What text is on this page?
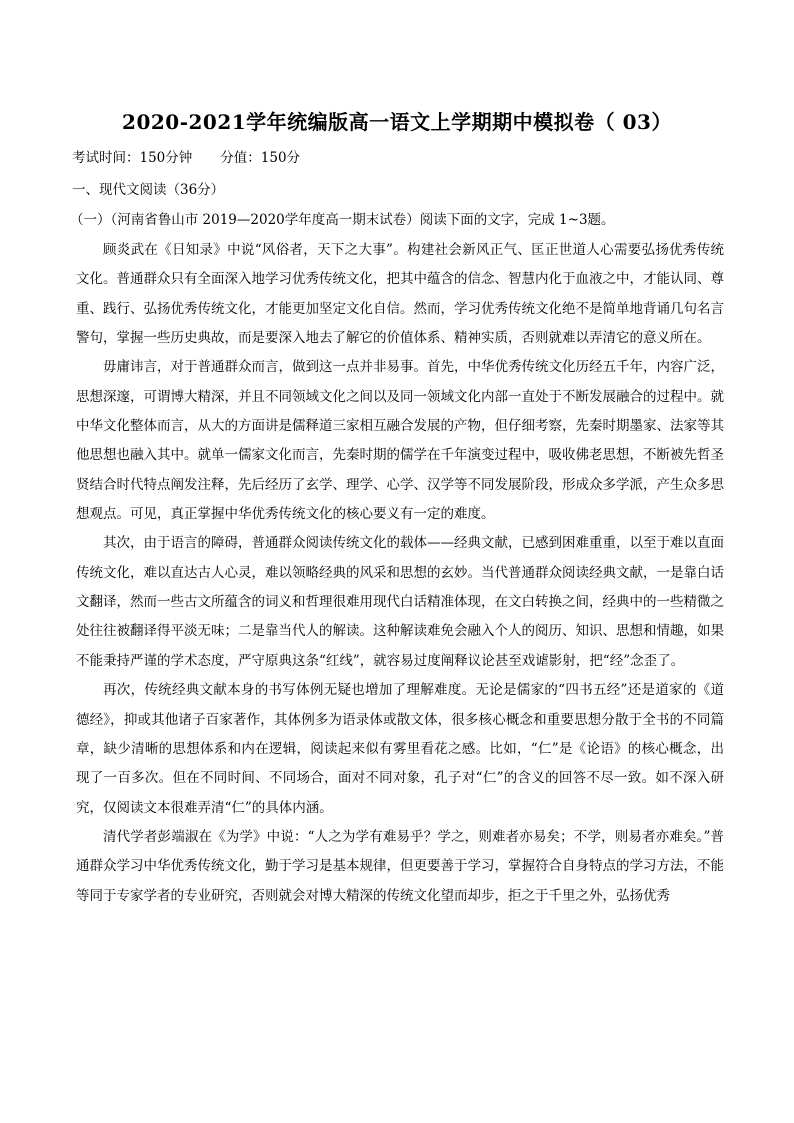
2020-2021学年统编版高一语文上学期期中模拟卷（ 03）
考试时间：150分钟 分值：150分
一、现代文阅读（36分）
（一）（河南省鲁山市 2019—2020学年度高一期末试卷）阅读下面的文字，完成 1~3题。

顾炎武在《日知录》中说“风俗者，天下之大事”。构建社会新风正气、匡正世道人心需要弘扬优秀传统文化。普通群众只有全面深入地学习优秀传统文化，把其中蕴含的信念、智慧内化于血液之中，才能认同、尊重、践行、弘扬优秀传统文化，才能更加坚定文化自信。然而，学习优秀传统文化绝不是简单地背诵几句名言警句，掌握一些历史典故，而是要深入地去了解它的价值体系、精神实质，否则就难以弄清它的意义所在。

毋庸讳言，对于普通群众而言，做到这一点并非易事。首先，中华优秀传统文化历经五千年，内容广泛，思想深邃，可谓博大精深，并且不同领域文化之间以及同一领域文化内部一直处于不断发展融合的过程中。就中华文化整体而言，从大的方面讲是儒释道三家相互融合发展的产物，但仔细考察，先秦时期墨家、法家等其他思想也融入其中。就单一儒家文化而言，先秦时期的儒学在千年演变过程中，吸收佛老思想，不断被先哲圣贤结合时代特点阐发注释，先后经历了玄学、理学、心学、汉学等不同发展阶段，形成众多学派，产生众多思想观点。可见，真正掌握中华优秀传统文化的核心要义有一定的难度。

其次，由于语言的障碍，普通群众阅读传统文化的载体——经典文献，已感到困难重重，以至于难以直面传统文化，难以直达古人心灵，难以领略经典的风采和思想的玄妙。当代普通群众阅读经典文献，一是靠白话文翻译，然而一些古文所蕴含的词义和哲理很难用现代白话精准体现，在文白转换之间，经典中的一些精微之处往往被翻译得平淡无味；二是靠当代人的解读。这种解读难免会融入个人的阅历、知识、思想和情趣，如果不能秉持严谨的学术态度，严守原典这条“红线”，就容易过度阐释议论甚至戏谑影射，把“经”念歪了。

再次，传统经典文献本身的书写体例无疑也增加了理解难度。无论是儒家的“四书五经”还是道家的《道德经》，抑或其他诸子百家著作，其体例多为语录体或散文体，很多核心概念和重要思想分散于全书的不同篇章，缺少清晰的思想体系和内在逻辑，阅读起来似有雾里看花之感。比如，“仁”是《论语》的核心概念，出现了一百多次。但在不同时间、不同场合，面对不同对象，孔子对“仁”的含义的回答不尽一致。如不深入研究，仅阅读文本很难弄清“仁”的具体内涵。

清代学者彭端淑在《为学》中说：“人之为学有难易乎？学之，则难者亦易矣；不学，则易者亦难矣。”普通群众学习中华优秀传统文化，勤于学习是基本规律，但更要善于学习，掌握符合自身特点的学习方法，不能等同于专家学者的专业研究，否则就会对博大精深的传统文化望而却步，拒之于千里之外，弘扬优秀
